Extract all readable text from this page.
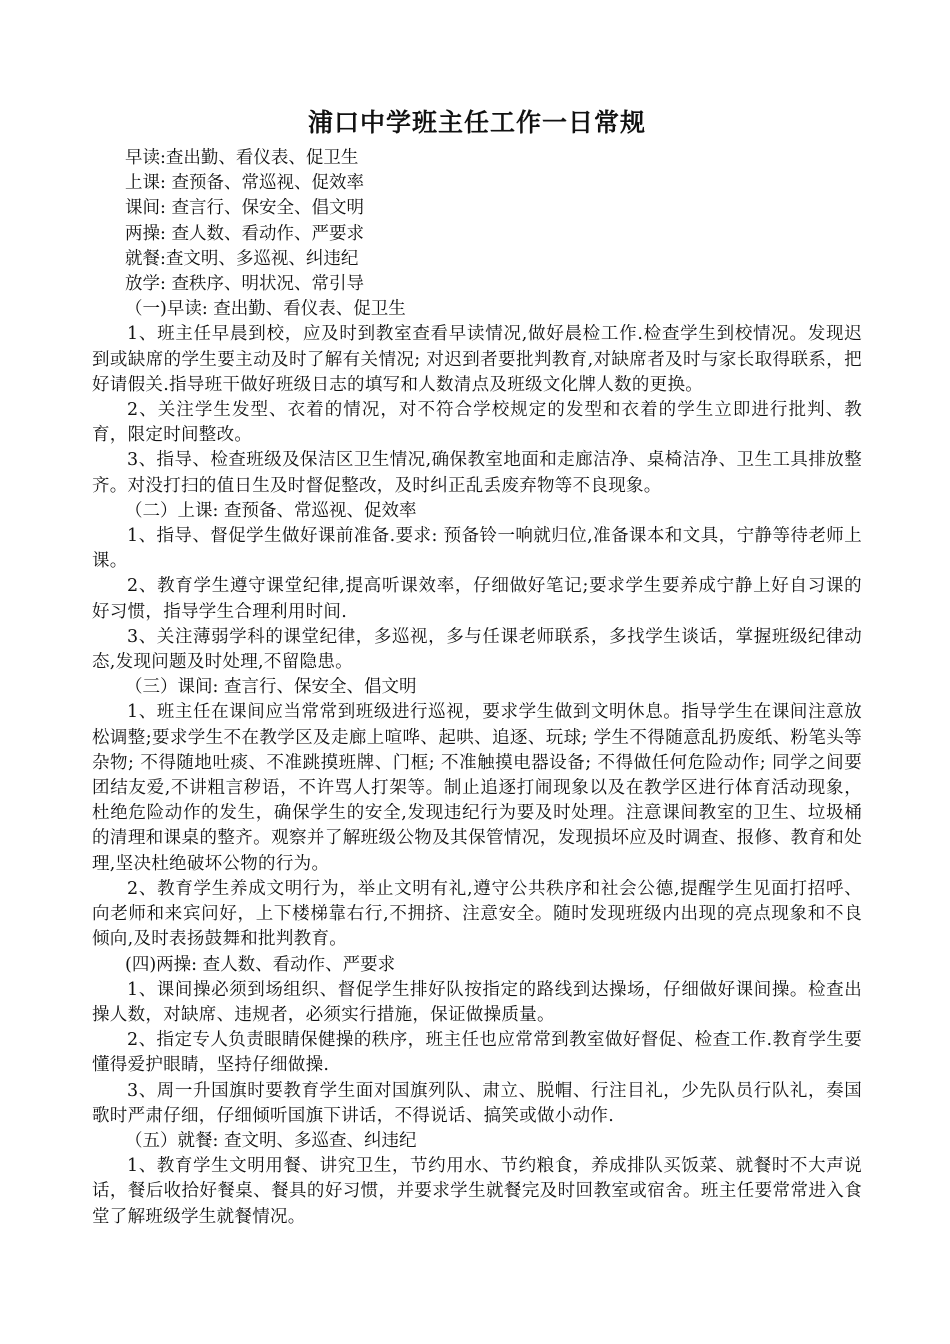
浦口中学班主任工作一日常规
早读:查出勤、看仪表、促卫生
上课: 查预备、常巡视、促效率
课间: 查言行、保安全、倡文明
两操: 查人数、看动作、严要求
就餐:查文明、多巡视、纠违纪
放学: 查秩序、明状况、常引导

（一)早读: 查出勤、看仪表、促卫生

1、班主任早晨到校，应及时到教室查看早读情况,做好晨检工作.检查学生到校情况。发现迟到或缺席的学生要主动及时了解有关情况; 对迟到者要批判教育,对缺席者及时与家长取得联系，把好请假关.指导班干做好班级日志的填写和人数清点及班级文化牌人数的更换。

2、关注学生发型、衣着的情况，对不符合学校规定的发型和衣着的学生立即进行批判、教育，限定时间整改。

3、指导、检查班级及保洁区卫生情况,确保教室地面和走廊洁净、桌椅洁净、卫生工具排放整齐。对没打扫的值日生及时督促整改，及时纠正乱丢废弃物等不良现象。

（二）上课: 查预备、常巡视、促效率

1、指导、督促学生做好课前准备.要求: 预备铃一响就归位,准备课本和文具，宁静等待老师上课。

2、教育学生遵守课堂纪律,提高听课效率，仔细做好笔记;要求学生要养成宁静上好自习课的好习惯，指导学生合理利用时间.

3、关注薄弱学科的课堂纪律，多巡视，多与任课老师联系，多找学生谈话，掌握班级纪律动态,发现问题及时处理,不留隐患。

（三）课间: 查言行、保安全、倡文明

1、班主任在课间应当常常到班级进行巡视，要求学生做到文明休息。指导学生在课间注意放松调整;要求学生不在教学区及走廊上喧哗、起哄、追逐、玩球; 学生不得随意乱扔废纸、粉笔头等杂物; 不得随地吐痰、不准跳摸班牌、门框; 不准触摸电器设备; 不得做任何危险动作; 同学之间要团结友爱,不讲粗言秽语，不许骂人打架等。制止追逐打闹现象以及在教学区进行体育活动现象，杜绝危险动作的发生，确保学生的安全,发现违纪行为要及时处理。注意课间教室的卫生、垃圾桶的清理和课桌的整齐。观察并了解班级公物及其保管情况，发现损坏应及时调查、报修、教育和处理,坚决杜绝破坏公物的行为。

2、教育学生养成文明行为，举止文明有礼,遵守公共秩序和社会公德,提醒学生见面打招呼、向老师和来宾问好，上下楼梯靠右行,不拥挤、注意安全。随时发现班级内出现的亮点现象和不良倾向,及时表扬鼓舞和批判教育。

(四)两操: 查人数、看动作、严要求

1、课间操必须到场组织、督促学生排好队按指定的路线到达操场，仔细做好课间操。检查出操人数，对缺席、违规者，必须实行措施，保证做操质量。

2、指定专人负责眼睛保健操的秩序，班主任也应常常到教室做好督促、检查工作.教育学生要懂得爱护眼睛，坚持仔细做操.

3、周一升国旗时要教育学生面对国旗列队、肃立、脱帽、行注目礼，少先队员行队礼，奏国歌时严肃仔细，仔细倾听国旗下讲话，不得说话、搞笑或做小动作.

（五）就餐: 查文明、多巡查、纠违纪

1、教育学生文明用餐、讲究卫生，节约用水、节约粮食，养成排队买饭菜、就餐时不大声说话，餐后收拾好餐桌、餐具的好习惯，并要求学生就餐完及时回教室或宿舍。班主任要常常进入食堂了解班级学生就餐情况。
